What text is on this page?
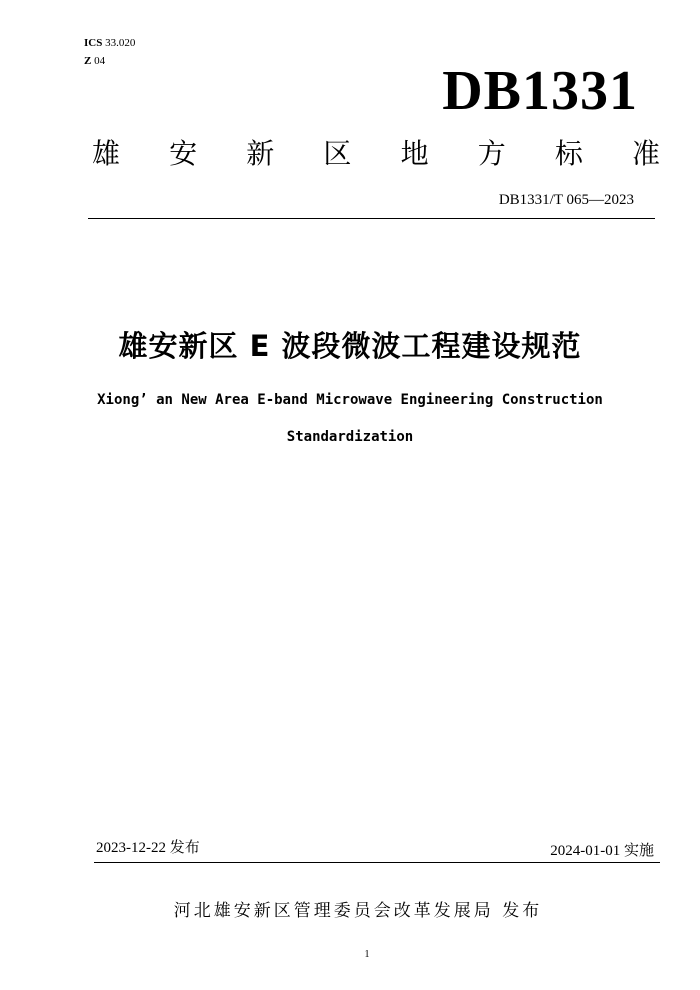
ICS 33.020
Z 04	DB1331
雄 安 新 区 地 方 标 准
DB1331/T 065—2023
雄安新区 E 波段微波工程建设规范
Xiong’ an New Area E-band Microwave Engineering Construction
Standardization
2023-12-22 发布	2024-01-01 实施
河北雄安新区管理委员会改革发展局 发布
1
